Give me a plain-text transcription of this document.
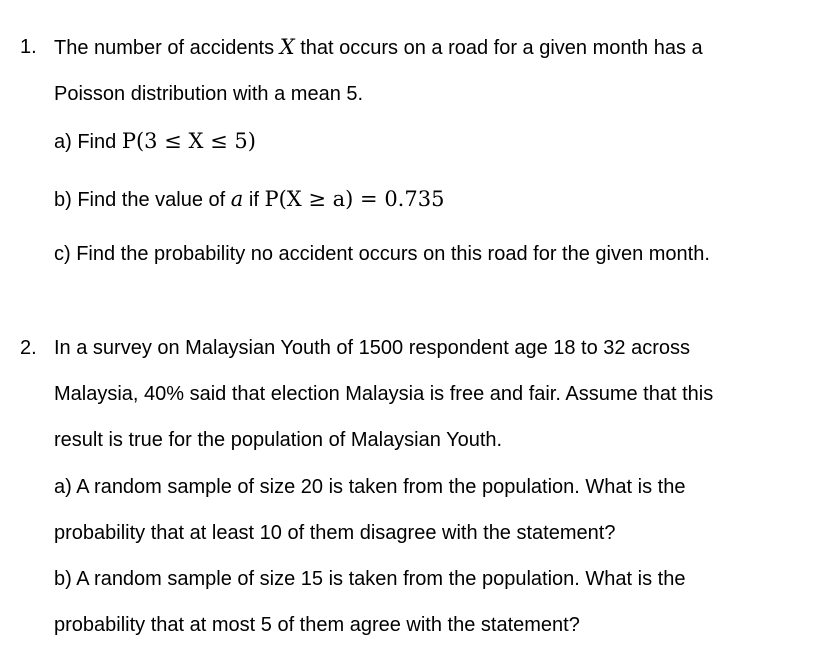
1. The number of accidents X that occurs on a road for a given month has a
Poisson distribution with a mean 5.
a) Find P(3 ≤ X ≤ 5)
b) Find the value of a if P(X ≥ a) = 0.735
c) Find the probability no accident occurs on this road for the given month.
2. In a survey on Malaysian Youth of 1500 respondent age 18 to 32 across
Malaysia, 40% said that election Malaysia is free and fair. Assume that this
result is true for the population of Malaysian Youth.
a) A random sample of size 20 is taken from the population. What is the
probability that at least 10 of them disagree with the statement?
b) A random sample of size 15 is taken from the population. What is the
probability that at most 5 of them agree with the statement?
